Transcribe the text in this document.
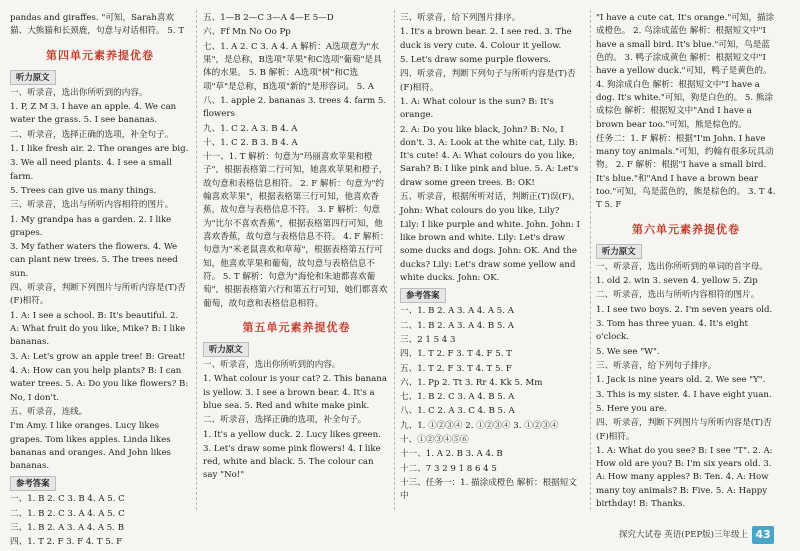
pandas and giraffes. "可知，Sarah喜欢猫、大熊猫和长颈鹿，句意与对话相符。 5. T

第四单元素养提优卷
听力原文

一、听录音，选出你所听到的内容。

1. P, Z M 3. I have an apple. 4. We can water the grass. 5. I see bananas.

二、听录音，选择正确的选项，补全句子。

1. I like fresh air. 2. The oranges are big.

3. We all need plants. 4. I see a small farm.

5. Trees can give us many things.

三、听录音，选出与所听内容相符的图片。

1. My grandpa has a garden. 2. I like grapes.

3. My father waters the flowers. 4. We can plant new trees. 5. The trees need sun.

四、听录音，判断下列图片与所听内容是(T)否(F)相符。

1. A: I see a school. B: It's beautiful. 2. A: What fruit do you like, Mike? B: I like bananas.

3. A: Let's grow an apple tree! B: Great!

4. A: How can you help plants? B: I can water trees. 5. A: Do you like flowers? B: No, I don't.

五、听录音，连线。

I'm Amy. I like oranges. Lucy likes grapes. Tom likes apples. Linda likes bananas and oranges. And John likes bananas.

参考答案

一、1. B 2. C 3. B 4. A 5. C

二、1. B 2. C 3. A 4. A 5. C

三、1. B 2. A 3. A 4. A 5. B

四、1. T 2. F 3. F 4. T 5. F

五、1—B 2—C 3—A 4—E 5—D

六、Ff Mn No Oo Pp

七、1. A 2. C 3. A 4. A 解析：A选项意为"水果"，是总称，B选项"苹果"和C选项"葡萄"是具体的水果。 5. B 解析：A选项"树"和C选项"草"是总称，B选项"新的"是形容词。 5. A

八、1. apple 2. bananas 3. trees 4. farm 5. flowers

九、1. C 2. A 3. B 4. A

十、1. C 2. B 3. B 4. A

十一、1. T 解析：句意为"玛丽喜欢苹果和橙子"，根据表格第二行可知，她喜欢苹果和橙子，故句意和表格信息相符。 2. F 解析：句意为"约翰喜欢苹果"，根据表格第三行可知，他喜欢香蕉，故句意与表格信息不符。 3. F 解析：句意为"比尔不喜欢香蕉"，根据表格第四行可知，他喜欢香蕉，故句意与表格信息不符。 4. F 解析：句意为"米老鼠喜欢和草莓"，根据表格第五行可知，他喜欢苹果和葡萄，故句意与表格信息不符。 5. T 解析：句意为"海伦和朱迪都喜欢葡萄"，根据表格第六行和第五行可知，她们都喜欢葡萄，故句意和表格信息相符。

第五单元素养提优卷
听力原文

一、听录音，选出你所听到的内容。

1. What colour is your cat? 2. This banana is yellow. 3. I see a brown bear. 4. It's a blue sea. 5. Red and white make pink.

二、听录音，选择正确的选项，补全句子。

1. It's a yellow duck. 2. Lucy likes green.

3. Let's draw some pink flowers! 4. I like red, white and black. 5. The colour can say "No!"

三、听录音，给下列图片排序。

1. It's a brown bear. 2. I see red. 3. The duck is very cute. 4. Colour it yellow.

5. Let's draw some purple flowers.

四、听录音，判断下列句子与所听内容是(T)否(F)相符。

1. A: What colour is the sun? B: It's orange.

2. A: Do you like black, John? B: No, I don't. 3. A: Look at the white cat, Lily. B: It's cute! 4. A: What colours do you like, Sarah? B: I like pink and blue. 5. A: Let's draw some green trees. B: OK!

五、听录音，根据所听对话，判断正(T)误(F)。

John: What colours do you like, Lily? Lily: I like purple and white. John. John: I like brown and white. Lily: Let's draw some ducks and dogs. John: OK. And the ducks? Lily: Let's draw some yellow and white ducks. John: OK.

参考答案

一、1. B 2. A 3. A 4. A 5. A

二、1. B 2. A 3. A 4. B 5. A

三、2 1 5 4 3

四、1. T 2. F 3. T 4. F 5. T

五、1. T 2. F 3. T 4. T 5. F

六、1. Pp 2. Tt 3. Rr 4. Kk 5. Mm

七、1. B 2. C 3. A 4. B 5. A

八、1. C 2. A 3. C 4. B 5. A

九、1. ①②③④ 2. ①②③④ 3. ①②③④

十、①②③④⑤⑥

十一、1. A 2. B 3. A 4. B

十二、7 3 2 9 1 8 6 4 5

十三、任务一：1. 描涂成橙色 解析：根据短文中

"I have a cute cat. It's orange."可知，描涂成橙色。 2. 鸟涂成蓝色 解析：根据短文中"I have a small bird. It's blue."可知，鸟是蓝色的。 3. 鸭子涂成黄色 解析：根据短文中"I have a yellow duck."可知，鸭子是黄色的。 4. 狗涂成白色 解析：根据短文中"I have a dog. It's white."可知，狗是白色的。 5. 熊涂成棕色 解析：根据短文中"And I have a brown bear too."可知，熊是棕色的。

任务二：1. F 解析：根据"I'm John. I have many toy animals."可知，约翰有很多玩具动物。 2. F 解析：根据"I have a small bird. It's blue."和"And I have a brown bear too."可知，鸟是蓝色的，熊是棕色的。 3. T 4. T 5. F

第六单元素养提优卷
听力原文

一、听录音，选出你所听到的单词的首字母。

1. old 2. win 3. seven 4. yellow 5. Zip

二、听录音，选出与所听内容相符的图片。

1. I see two boys. 2. I'm seven years old.

3. Tom has three yuan. 4. It's eight o'clock.

5. We see "W".

三、听录音，给下列句子排序。

1. Jack is nine years old. 2. We see "Y".

3. This is my sister. 4. I have eight yuan.

5. Here you are.

四、听录音，判断下列图片与所听内容是(T)否(F)相符。

1. A: What do you see? B: I see "T". 2. A: How old are you? B: I'm six years old. 3. A: How many apples? B: Ten. 4. A: How many toy animals? B: Five. 5. A: Happy birthday! B: Thanks.

探究大试卷 英语(PEP版)三年级上 43
